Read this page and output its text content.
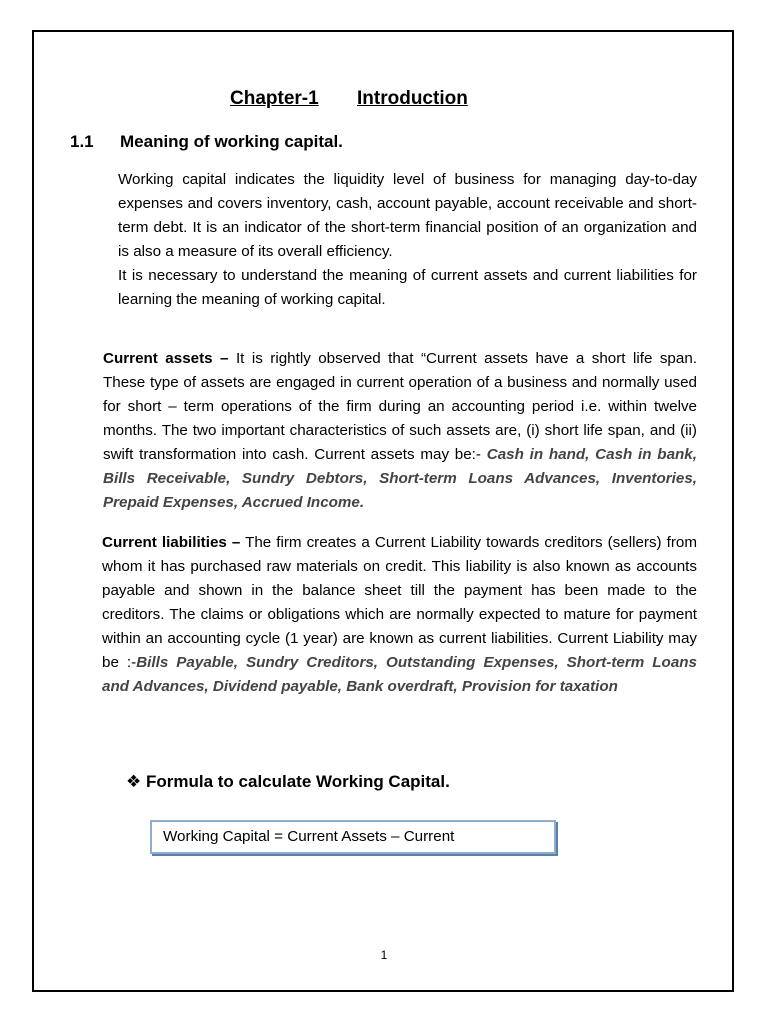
Chapter-1 Introduction
1.1 Meaning of working capital.
Working capital indicates the liquidity level of business for managing day-to-day expenses and covers inventory, cash, account payable, account receivable and short-term debt. It is an indicator of the short-term financial position of an organization and is also a measure of its overall efficiency.
It is necessary to understand the meaning of current assets and current liabilities for learning the meaning of working capital.
Current assets – It is rightly observed that “Current assets have a short life span. These type of assets are engaged in current operation of a business and normally used for short – term operations of the firm during an accounting period i.e. within twelve months. The two important characteristics of such assets are, (i) short life span, and (ii) swift transformation into cash. Current assets may be:- Cash in hand, Cash in bank, Bills Receivable, Sundry Debtors, Short-term Loans Advances, Inventories, Prepaid Expenses, Accrued Income.
Current liabilities – The firm creates a Current Liability towards creditors (sellers) from whom it has purchased raw materials on credit. This liability is also known as accounts payable and shown in the balance sheet till the payment has been made to the creditors. The claims or obligations which are normally expected to mature for payment within an accounting cycle (1 year) are known as current liabilities. Current Liability may be :-Bills Payable, Sundry Creditors, Outstanding Expenses, Short-term Loans and Advances, Dividend payable, Bank overdraft, Provision for taxation
❖ Formula to calculate Working Capital.
Working Capital = Current Assets – Current
1
